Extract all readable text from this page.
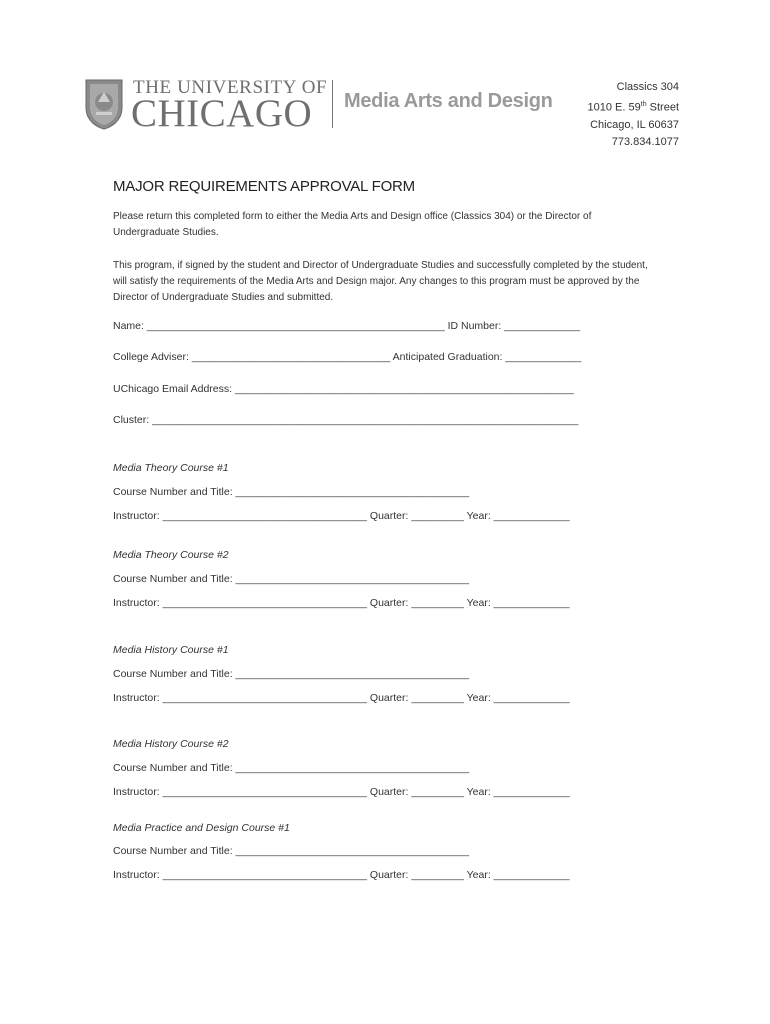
THE UNIVERSITY OF
CHICAGO Media Arts and Design
Classics 304
1010 E. 59th Street
Chicago, IL 60637
773.834.1077
MAJOR REQUIREMENTS APPROVAL FORM
Please return this completed form to either the Media Arts and Design office (Classics 304) or the Director of Undergraduate Studies.
This program, if signed by the student and Director of Undergraduate Studies and successfully completed by the student, will satisfy the requirements of the Media Arts and Design major. Any changes to this program must be approved by the Director of Undergraduate Studies and submitted.
Name: ___________________________________________________ ID Number: _____________
College Adviser: __________________________________ Anticipated Graduation: _____________
UChicago Email Address: __________________________________________________________
Cluster: _________________________________________________________________________
Media Theory Course #1
Course Number and Title: ________________________________________
Instructor: ___________________________________ Quarter: _________ Year: _____________
Media Theory Course #2
Course Number and Title: ________________________________________
Instructor: ___________________________________ Quarter: _________ Year: _____________
Media History Course #1
Course Number and Title: ________________________________________
Instructor: ___________________________________ Quarter: _________ Year: _____________
Media History Course #2
Course Number and Title: ________________________________________
Instructor: ___________________________________ Quarter: _________ Year: _____________
Media Practice and Design Course #1
Course Number and Title: ________________________________________
Instructor: ___________________________________ Quarter: _________ Year: _____________
